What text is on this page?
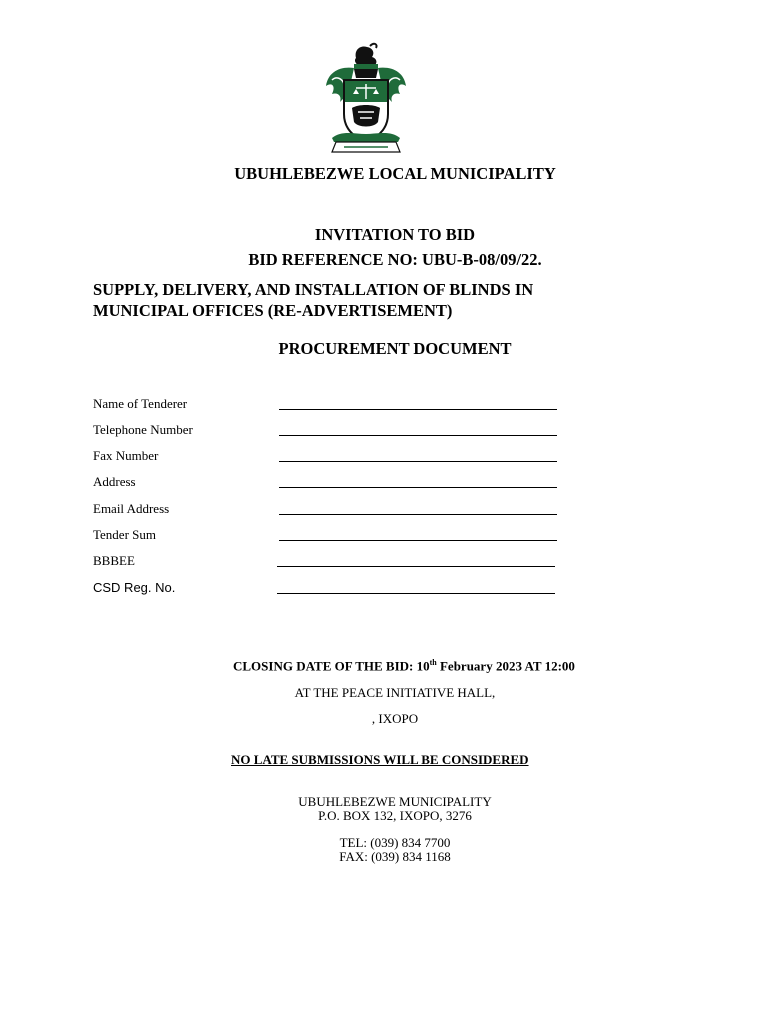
UBUHLEBEZWE LOCAL MUNICIPALITY
INVITATION TO BID
BID REFERENCE NO: UBU-B-08/09/22.
SUPPLY, DELIVERY, AND INSTALLATION OF BLINDS IN
MUNICIPAL OFFICES (RE-ADVERTISEMENT)
PROCUREMENT DOCUMENT
Name of Tenderer
Telephone Number
Fax Number
Address
Email Address
Tender Sum
BBBEE
CSD Reg. No.
CLOSING DATE OF THE BID: 10th February 2023 AT 12:00
AT THE PEACE INITIATIVE HALL,
, IXOPO
NO LATE SUBMISSIONS WILL BE CONSIDERED
UBUHLEBEZWE MUNICIPALITY
P.O. BOX 132, IXOPO, 3276
TEL: (039) 834 7700
FAX: (039) 834 1168
